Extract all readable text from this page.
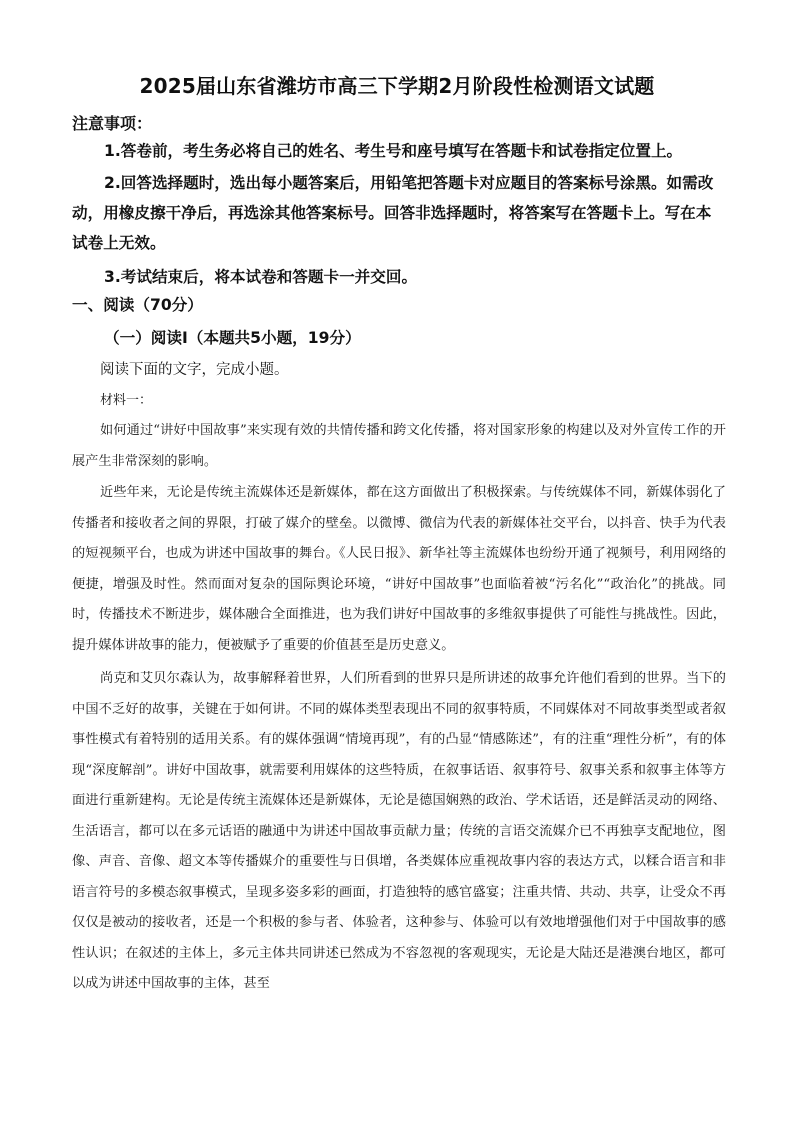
2025届山东省潍坊市高三下学期2月阶段性检测语文试题
注意事项：
1.答卷前，考生务必将自己的姓名、考生号和座号填写在答题卡和试卷指定位置上。
2.回答选择题时，选出每小题答案后，用铅笔把答题卡对应题目的答案标号涂黑。如需改动，用橡皮擦干净后，再选涂其他答案标号。回答非选择题时，将答案写在答题卡上。写在本试卷上无效。
3.考试结束后，将本试卷和答题卡一并交回。
一、阅读（70分）
（一）阅读Ⅰ（本题共5小题，19分）
阅读下面的文字，完成小题。
材料一：
如何通过“讲好中国故事”来实现有效的共情传播和跨文化传播，将对国家形象的构建以及对外宣传工作的开展产生非常深刻的影响。
近些年来，无论是传统主流媒体还是新媒体，都在这方面做出了积极探索。与传统媒体不同，新媒体弱化了传播者和接收者之间的界限，打破了媒介的壁垒。以微博、微信为代表的新媒体社交平台，以抖音、快手为代表的短视频平台，也成为讲述中国故事的舞台。《人民日报》、新华社等主流媒体也纷纷开通了视频号，利用网络的便捷，增强及时性。然而面对复杂的国际舆论环境，“讲好中国故事”也面临着被“污名化”“政治化”的挑战。同时，传播技术不断进步，媒体融合全面推进，也为我们讲好中国故事的多维叙事提供了可能性与挑战性。因此，提升媒体讲故事的能力，便被赋予了重要的价值甚至是历史意义。
尚克和艾贝尔森认为，故事解释着世界，人们所看到的世界只是所讲述的故事允许他们看到的世界。当下的中国不乏好的故事，关键在于如何讲。不同的媒体类型表现出不同的叙事特质，不同媒体对不同故事类型或者叙事性模式有着特别的适用关系。有的媒体强调“情境再现”，有的凸显“情感陈述”，有的注重“理性分析”，有的体现“深度解剖”。讲好中国故事，就需要利用媒体的这些特质，在叙事话语、叙事符号、叙事关系和叙事主体等方面进行重新建构。无论是传统主流媒体还是新媒体，无论是德国娴熟的政治、学术话语，还是鲜活灵动的网络、生活语言，都可以在多元话语的融通中为讲述中国故事贡献力量；传统的言语交流媒介已不再独享支配地位，图像、声音、音像、超文本等传播媒介的重要性与日俱增，各类媒体应重视故事内容的表达方式，以糅合语言和非语言符号的多模态叙事模式，呈现多姿多彩的画面，打造独特的感官盛宴；注重共情、共动、共享，让受众不再仅仅是被动的接收者，还是一个积极的参与者、体验者，这种参与、体验可以有效地增强他们对于中国故事的感性认识；在叙述的主体上，多元主体共同讲述已然成为不容忽视的客观现实，无论是大陆还是港澳台地区，都可以成为讲述中国故事的主体，甚至
